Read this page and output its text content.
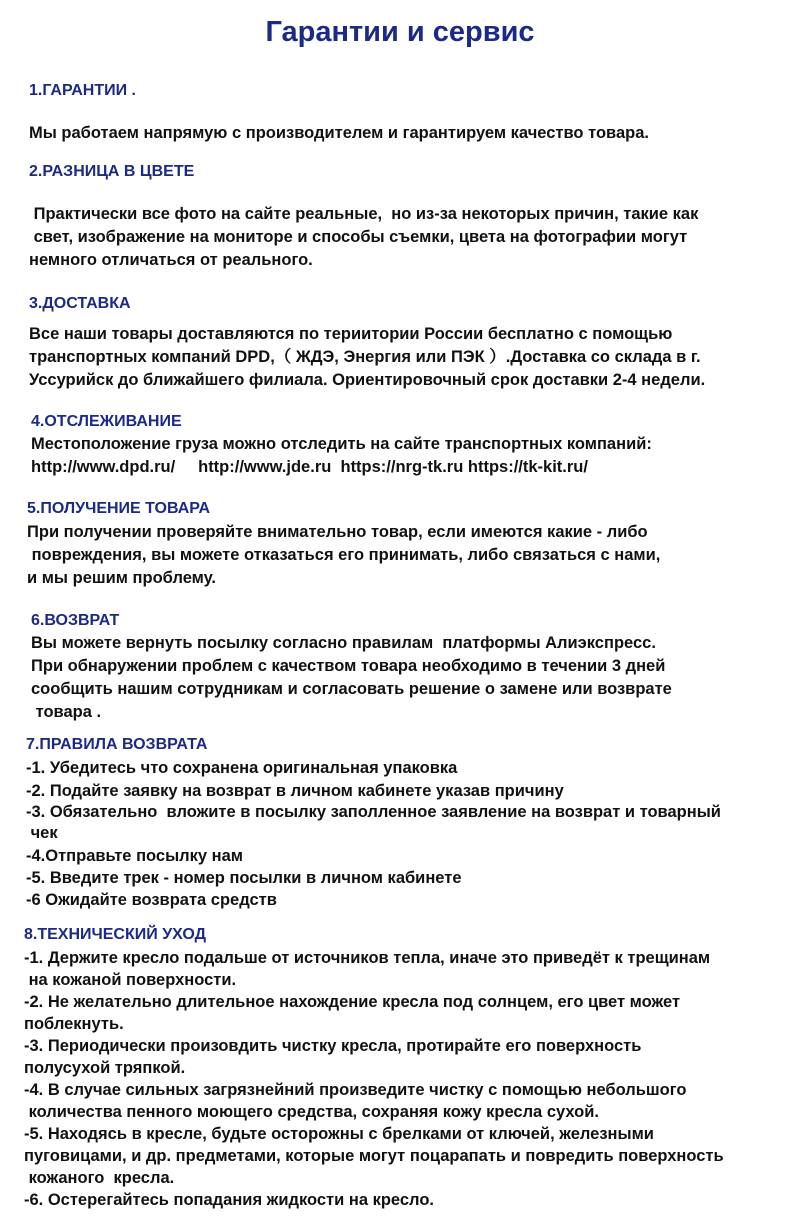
Гарантии и сервис
1.ГАРАНТИИ .

Мы работаем напрямую с производителем и гарантируем качество товара.

2.РАЗНИЦА В ЦВЕТЕ

Практически все фото на сайте реальные,  но из-за некоторых причин, такие как

свет, изображение на мониторе и способы съемки, цвета на фотографии могут

немного отличаться от реального.

3.ДОСТАВКА

Все наши товары доставляются по териитории России бесплатно с помощью

транспортных компаний DPD,（ ЖДЭ, Энергия или ПЭК ）.Доставка со склада в г.

Уссурийск до ближайшего филиала. Ориентировочный срок доставки 2-4 недели.

4.ОТСЛЕЖИВАНИЕ

Местоположение груза можно отследить на сайте транспортных компаний:

http://www.dpd.ru/     http://www.jde.ru  https://nrg-tk.ru https://tk-kit.ru/

5.ПОЛУЧЕНИЕ ТОВАРА

При получении проверяйте внимательно товар, если имеются какие - либо

повреждения, вы можете отказаться его принимать, либо связаться с нами,

и мы решим проблему.

6.ВОЗВРАТ

Вы можете вернуть посылку согласно правилам  платформы Алиэкспресс.

При обнаружении проблем с качеством товара необходимо в течении 3 дней

сообщить нашим сотрудникам и согласовать решение о замене или возврате

товара .

7.ПРАВИЛА ВОЗВРАТА

-1. Убедитесь что сохранена оригинальная упаковка

-2. Подайте заявку на возврат в личном кабинете указав причину

-3. Обязательно  вложите в посылку заполленное заявление на возврат и товарный

чек

-4.Отправьте посылку нам

-5. Введите трек - номер посылки в личном кабинете

-6 Ожидайте возврата средств

8.ТЕХНИЧЕСКИЙ УХОД

-1. Держите кресло подальше от источников тепла, иначе это приведёт к трещинам

на кожаной поверхности.

-2. Не желательно длительное нахождение кресла под солнцем, его цвет может

поблекнуть.

-3. Периодически произовдить чистку кресла, протирайте его поверхность

полусухой тряпкой.

-4. В случае сильных загрязнейний произведите чистку с помощью небольшого

количества пенного моющего средства, сохраняя кожу кресла сухой.

-5. Находясь в кресле, будьте осторожны с брелками от ключей, железными

пуговицами, и др. предметами, которые могут поцарапать и повредить поверхность

кожаного  кресла.

-6. Остерегайтесь попадания жидкости на кресло.
